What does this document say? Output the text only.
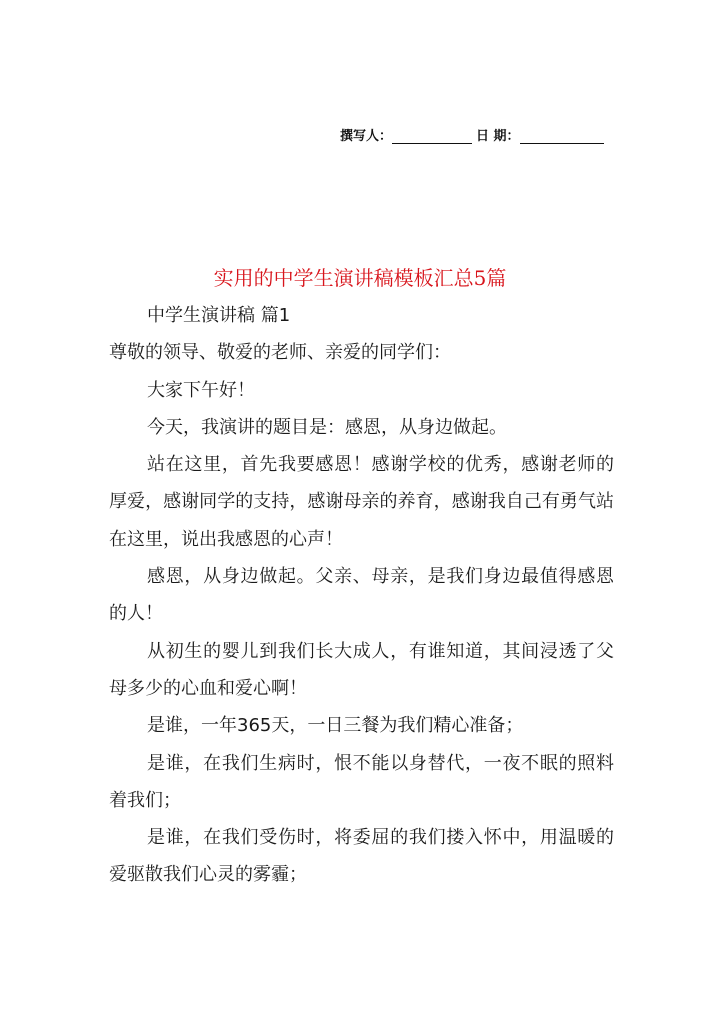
撰写人：	日 期：
实用的中学生演讲稿模板汇总5篇

中学生演讲稿 篇1

尊敬的领导、敬爱的老师、亲爱的同学们：

大家下午好！

今天，我演讲的题目是：感恩，从身边做起。

站在这里，首先我要感恩！感谢学校的优秀，感谢老师的厚爱，感谢同学的支持，感谢母亲的养育，感谢我自己有勇气站在这里，说出我感恩的心声！

感恩，从身边做起。父亲、母亲，是我们身边最值得感恩的人！

从初生的婴儿到我们长大成人，有谁知道，其间浸透了父母多少的心血和爱心啊！

是谁，一年365天，一日三餐为我们精心准备；

是谁，在我们生病时，恨不能以身替代，一夜不眠的照料着我们；

是谁，在我们受伤时，将委屈的我们搂入怀中，用温暖的爱驱散我们心灵的雾霾；
